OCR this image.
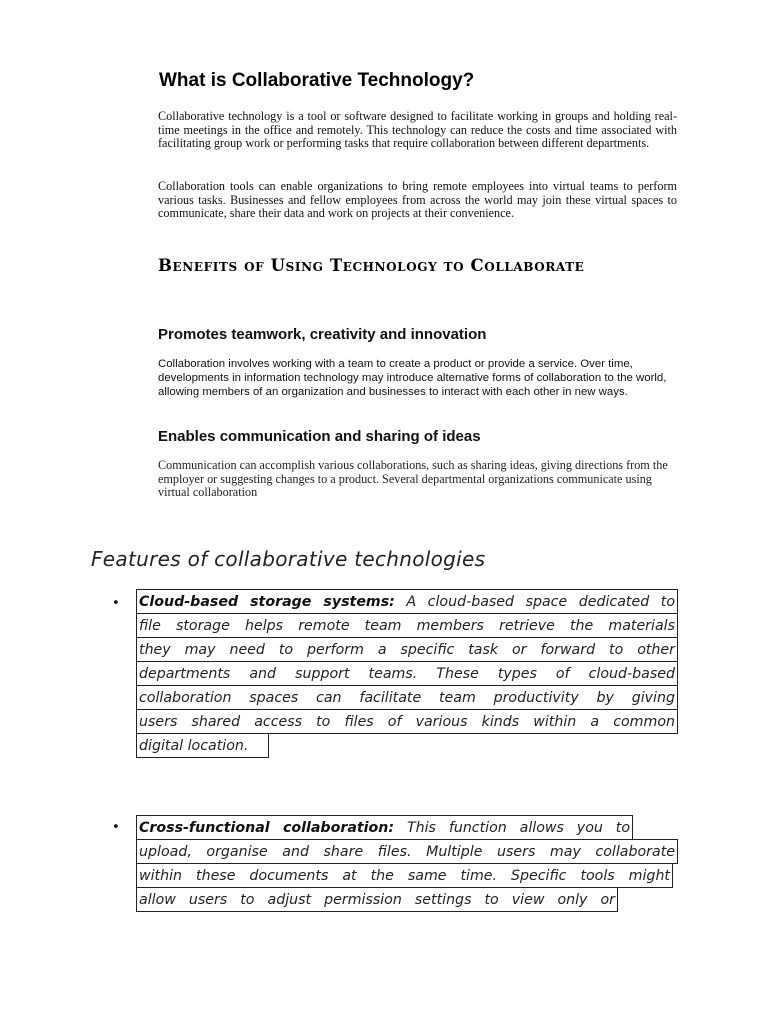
What is Collaborative Technology?
Collaborative technology is a tool or software designed to facilitate working in groups and holding real-time meetings in the office and remotely. This technology can reduce the costs and time associated with facilitating group work or performing tasks that require collaboration between different departments.
Collaboration tools can enable organizations to bring remote employees into virtual teams to perform various tasks. Businesses and fellow employees from across the world may join these virtual spaces to communicate, share their data and work on projects at their convenience.
Benefits of Using Technology to Collaborate
Promotes teamwork, creativity and innovation
Collaboration involves working with a team to create a product or provide a service. Over time, developments in information technology may introduce alternative forms of collaboration to the world, allowing members of an organization and businesses to interact with each other in new ways.
Enables communication and sharing of ideas
Communication can accomplish various collaborations, such as sharing ideas, giving directions from the employer or suggesting changes to a product. Several departmental organizations communicate using virtual collaboration
Features of collaborative technologies
• Cloud-based storage systems: A cloud-based space dedicated to
file storage helps remote team members retrieve the materials
they may need to perform a specific task or forward to other
departments and support teams. These types of cloud-based
collaboration spaces can facilitate team productivity by giving
users shared access to files of various kinds within a common
digital location.
• Cross-functional collaboration: This function allows you to
upload, organise and share files. Multiple users may collaborate
within these documents at the same time. Specific tools might
allow users to adjust permission settings to view only or
